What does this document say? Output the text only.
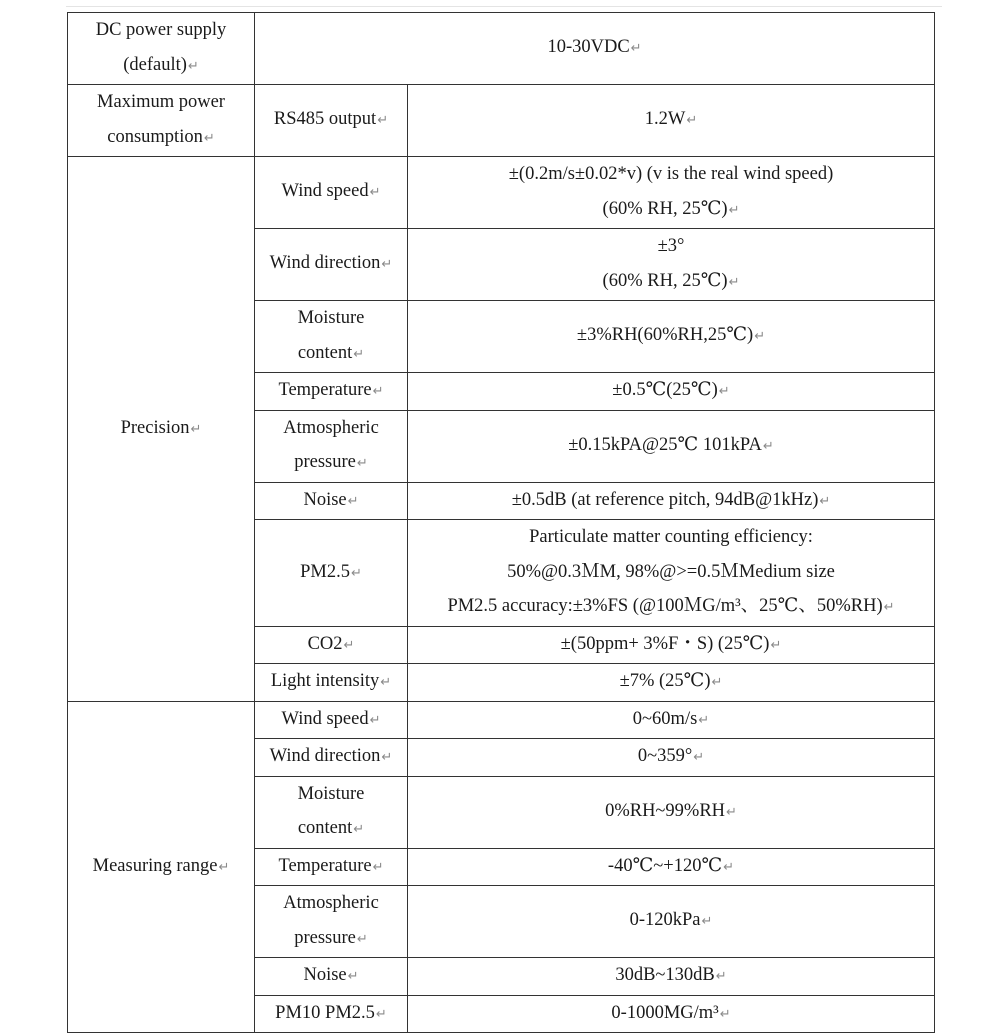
DC power supply
(default)↵	10-30VDC↵	

Maximum power
consumption↵	RS485 output↵	1.2W↵
Precision↵	Wind speed↵	±(0.2m/s±0.02*v) (v is the real wind speed)
(60% RH, 25℃)↵

	Wind direction↵	±3°
(60% RH, 25℃)↵

	Moisture
content↵	±3%RH(60%RH,25℃)↵

	Temperature↵	±0.5℃(25℃)↵

	Atmospheric
pressure↵	±0.15kPA@25℃ 101kPA↵

	Noise↵	±0.5dB (at reference pitch, 94dB@1kHz)↵

	PM2.5↵	Particulate matter counting efficiency:
50%@0.3ＭM, 98%@>=0.5ＭMedium size
PM2.5 accuracy:±3%FS (@100ＭG/m³、25℃、50%RH)↵

	CO2↵	±(50ppm+ 3%F・S) (25℃)↵

	Light intensity↵	±7% (25℃)↵

Measuring range↵	Wind speed↵	0~60m/s↵

	Wind direction↵	0~359°↵

	Moisture
content↵	0%RH~99%RH↵

	Temperature↵	-40℃~+120℃↵

	Atmospheric
pressure↵	0-120kPa↵

	Noise↵	30dB~130dB↵

	PM10 PM2.5↵	0-1000MG/m³↵
